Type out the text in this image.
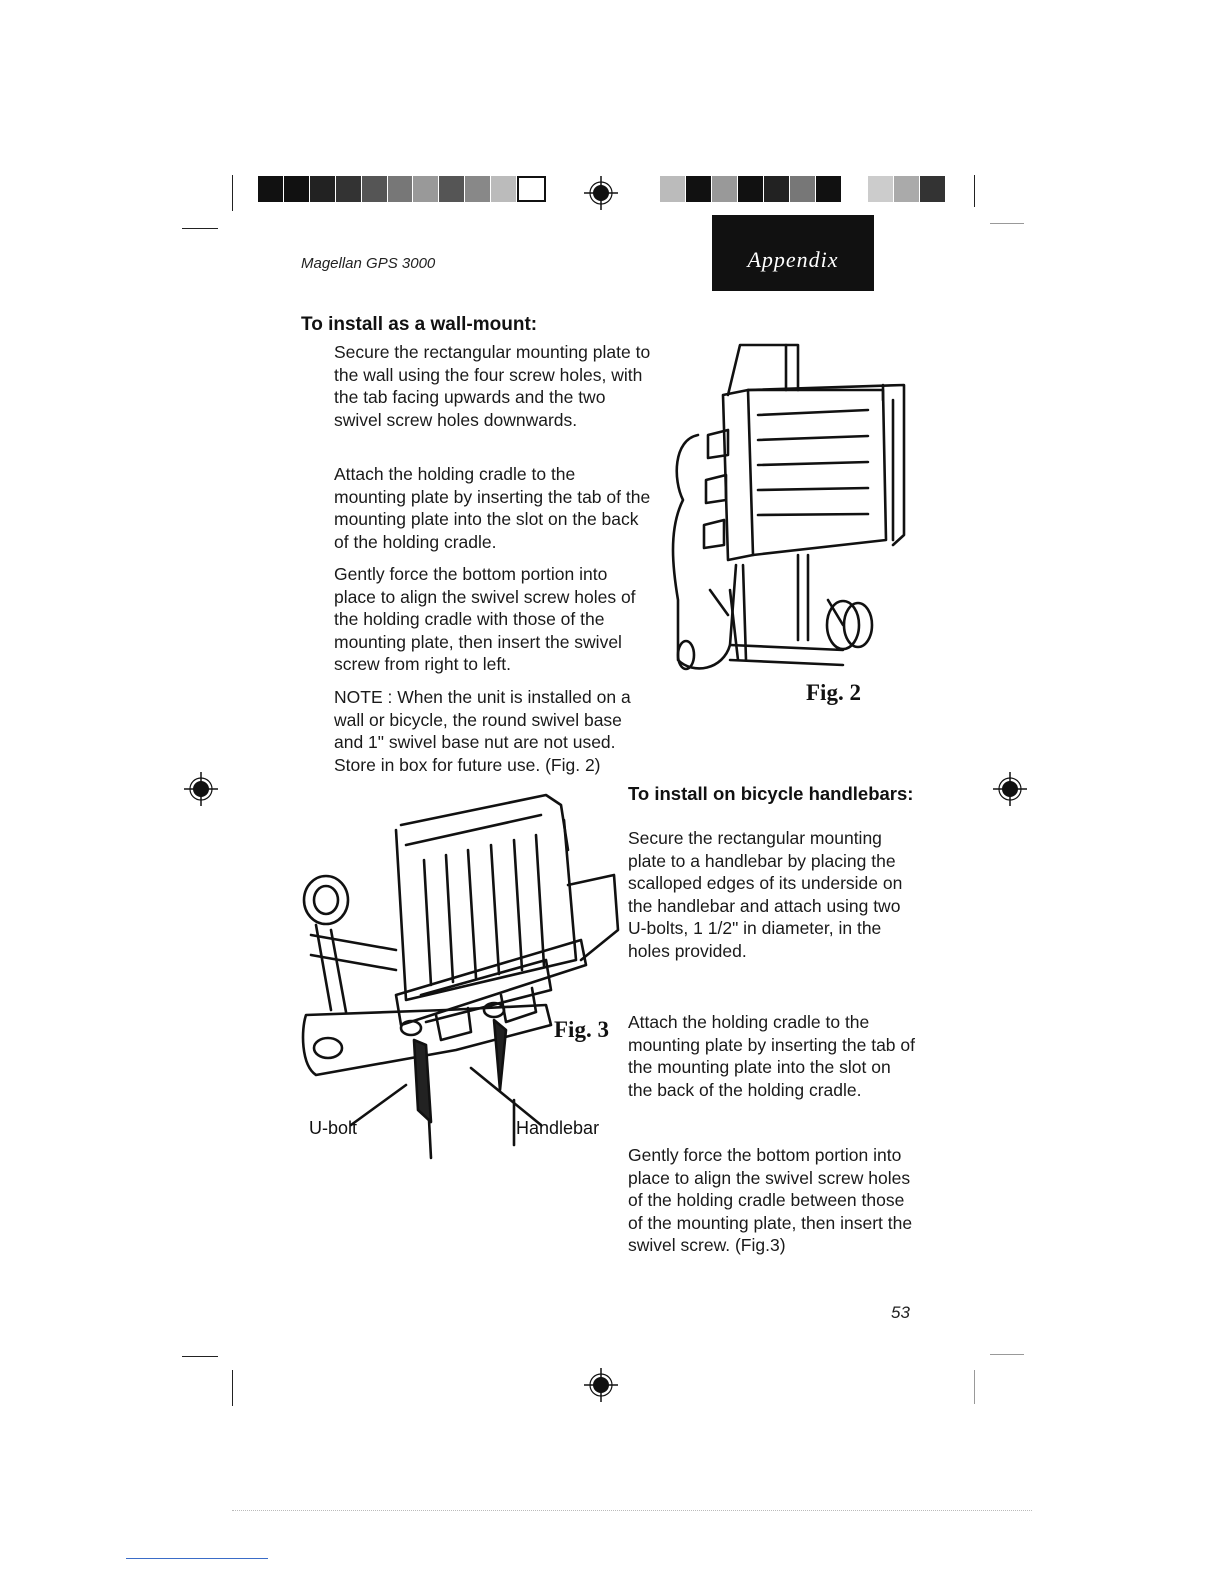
Magellan GPS 3000	Appendix
To install as a wall-mount:
Secure the rectangular mounting plate to the wall using the four screw holes, with the tab facing upwards and the two swivel screw holes downwards.
Attach the holding cradle to the mounting plate by inserting the tab of the mounting plate into the slot on the back of the holding cradle.
Gently force the bottom portion into place to align the swivel screw holes of the holding cradle with those of the mounting plate, then insert the swivel screw from right to left.
NOTE : When the unit is installed on a wall or bicycle, the round swivel base and 1" swivel base nut are not used. Store in box for future use. (Fig. 2)
Fig. 2
To install on bicycle handlebars:
Secure the rectangular mounting plate to a handlebar by placing the scalloped edges of its underside on the handlebar and attach using two U-bolts, 1 1/2" in diameter, in the holes provided.
Attach the holding cradle to the mounting plate by inserting the tab of the mounting plate into the slot on the back of the holding cradle.
Gently force the bottom portion into place to align the swivel screw holes of the holding cradle between those of the mounting plate, then insert the swivel screw. (Fig.3)
Fig. 3
U-bolt	Handlebar
53
